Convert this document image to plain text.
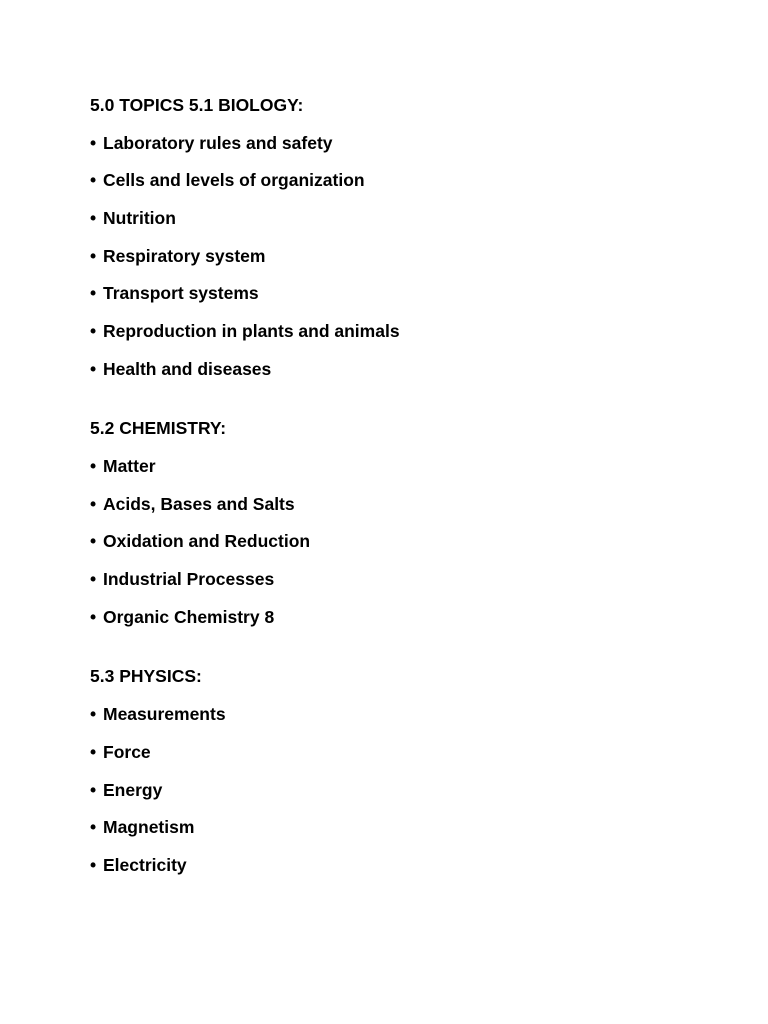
5.0 TOPICS 5.1 BIOLOGY:
• Laboratory rules and safety
• Cells and levels of organization
• Nutrition
• Respiratory system
• Transport systems
• Reproduction in plants and animals
• Health and diseases
5.2 CHEMISTRY:
• Matter
• Acids, Bases and Salts
• Oxidation and Reduction
• Industrial Processes
• Organic Chemistry 8
5.3 PHYSICS:
• Measurements
• Force
• Energy
• Magnetism
• Electricity
